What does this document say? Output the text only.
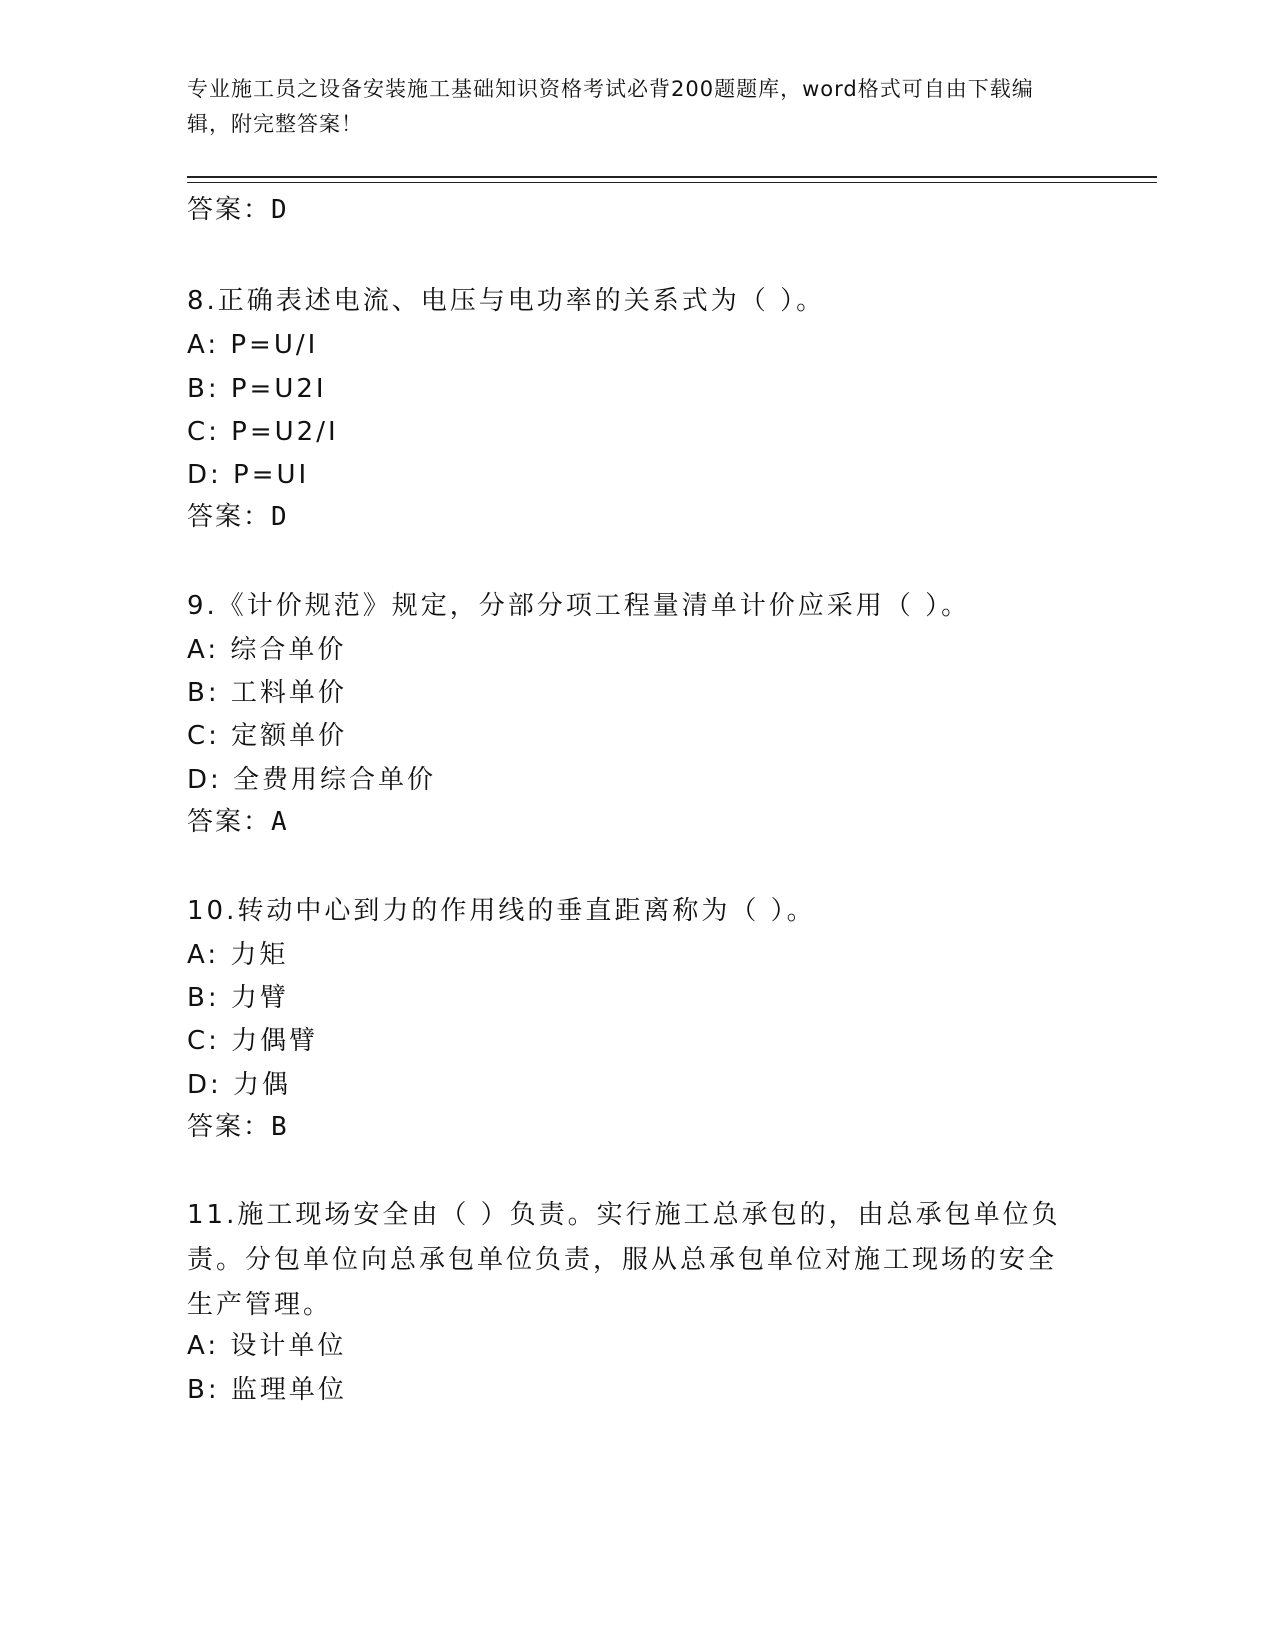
专业施工员之设备安装施工基础知识资格考试必背200题题库，word格式可自由下载编辑，附完整答案！
答案：D
8.正确表述电流、电压与电功率的关系式为（ ）。
A: P=U/I
B: P=U2I
C: P=U2/I
D: P=UI
答案：D
9.《计价规范》规定，分部分项工程量清单计价应采用（ ）。
A: 综合单价
B: 工料单价
C: 定额单价
D: 全费用综合单价
答案：A
10.转动中心到力的作用线的垂直距离称为（ ）。
A: 力矩
B: 力臂
C: 力偶臂
D: 力偶
答案：B
11.施工现场安全由（ ）负责。实行施工总承包的，由总承包单位负责。分包单位向总承包单位负责，服从总承包单位对施工现场的安全生产管理。
A: 设计单位
B: 监理单位
